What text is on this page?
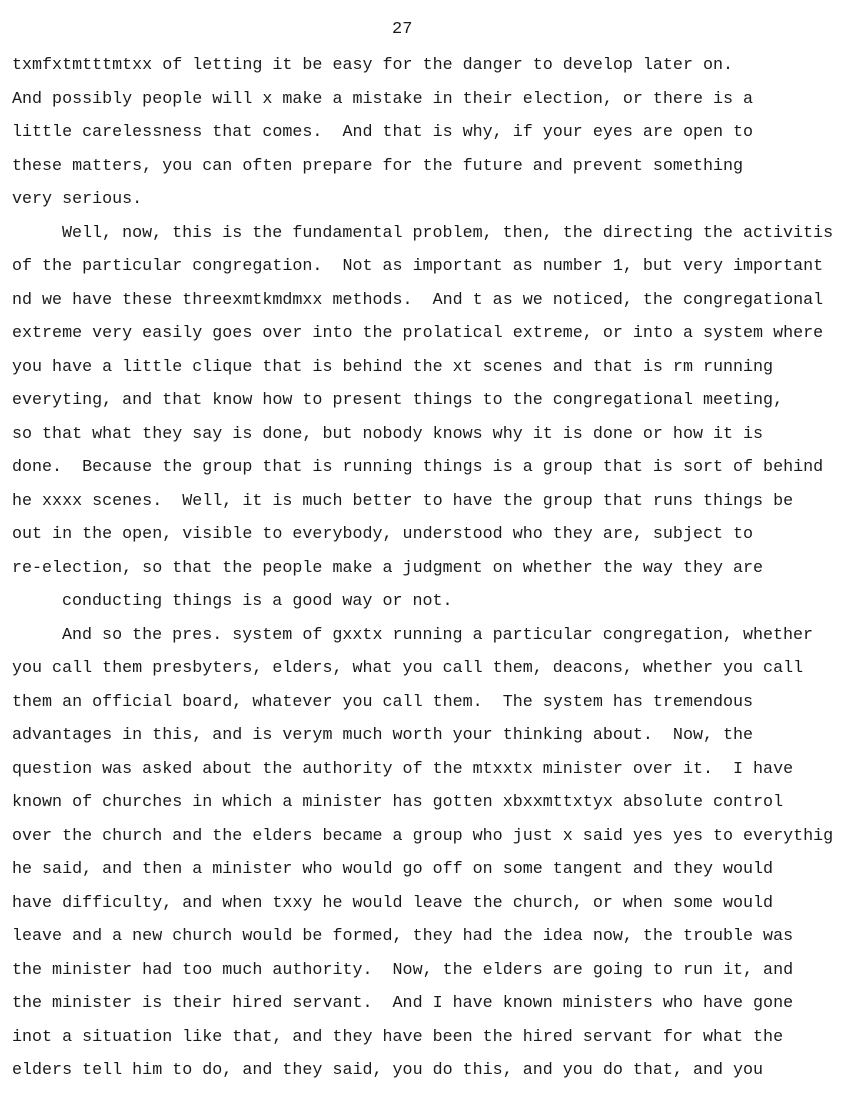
27
txmfxtmtttmtxx of letting it be easy for the danger to develop later on.
And possibly people will x make a mistake in their election, or there is a
little carelessness that comes.  And that is why, if your eyes are open to
these matters, you can often prepare for the future and prevent something
very serious.
Well, now, this is the fundamental problem, then, the directing the activitis
of the particular congregation.  Not as important as number 1, but very important
nd we have these threexmtkmdmxx methods.  And t as we noticed, the congregational
extreme very easily goes over into the prolatical extreme, or into a system where
you have a little clique that is behind the xt scenes and that is rm running
everyting, and that know how to present things to the congregational meeting,
so that what they say is done, but nobody knows why it is done or how it is
done.  Because the group that is running things is a group that is sort of behind
he xxxx scenes.  Well, it is much better to have the group that runs things be
out in the open, visible to everybody, understood who they are, subject to
re-election, so that the people make a judgment on whether the way they are
conducting things is a good way or not.
And so the pres. system of gxxtx running a particular congregation, whether
you call them presbyters, elders, what you call them, deacons, whether you call
them an official board, whatever you call them.  The system has tremendous
advantages in this, and is verym much worth your thinking about.  Now, the
question was asked about the authority of the mtxxtx minister over it.  I have
known of churches in which a minister has gotten xbxxmttxtyx absolute control
over the church and the elders became a group who just x said yes yes to everythig
he said, and then a minister who would go off on some tangent and they would
have difficulty, and when txxy he would leave the church, or when some would
leave and a new church would be formed, they had the idea now, the trouble was
the minister had too much authority.  Now, the elders are going to run it, and
the minister is their hired servant.  And I have known ministers who have gone
inot a situation like that, and they have been the hired servant for what the
elders tell him to do, and they said, you do this, and you do that, and you
